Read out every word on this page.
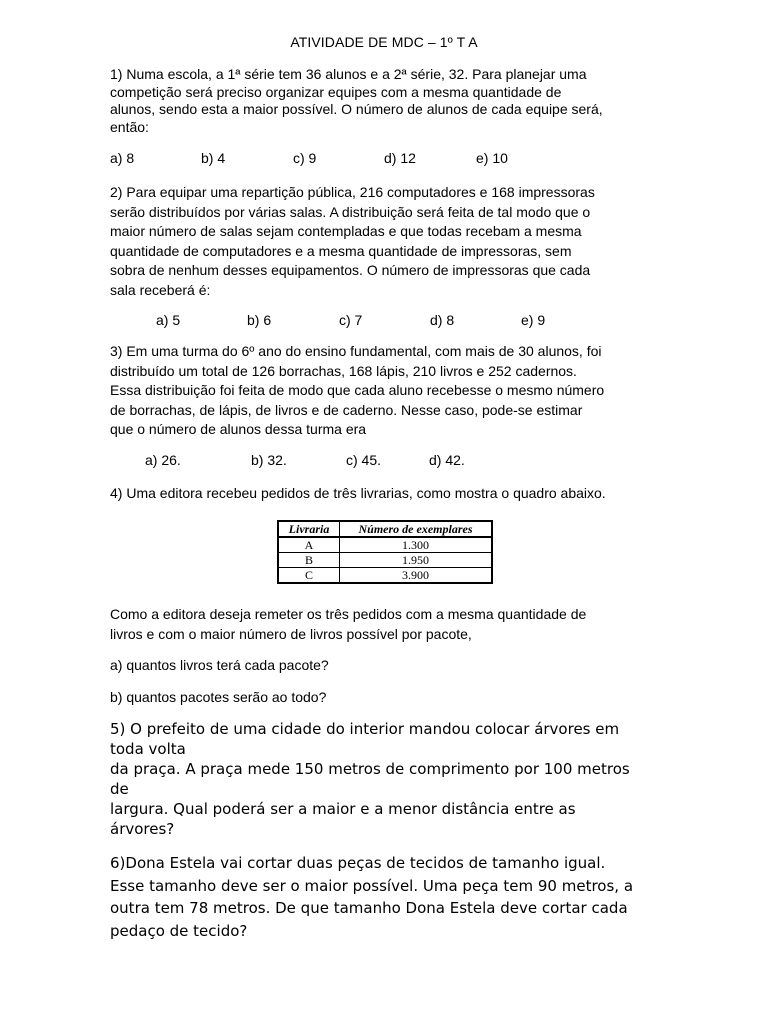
ATIVIDADE DE MDC – 1º T A
1) Numa escola, a 1ª série tem 36 alunos e a 2ª série, 32. Para planejar uma
competição será preciso organizar equipes com a mesma quantidade de
alunos, sendo esta a maior possível. O número de alunos de cada equipe será,
então:
a) 8	b) 4	c) 9	d) 12	e) 10
2) Para equipar uma repartição pública, 216 computadores e 168 impressoras
serão distribuídos por várias salas. A distribuição será feita de tal modo que o
maior número de salas sejam contempladas e que todas recebam a mesma
quantidade de computadores e a mesma quantidade de impressoras, sem
sobra de nenhum desses equipamentos. O número de impressoras que cada
sala receberá é:
a) 5	b) 6	c) 7	d) 8	e) 9
3) Em uma turma do 6º ano do ensino fundamental, com mais de 30 alunos, foi
distribuído um total de 126 borrachas, 168 lápis, 210 livros e 252 cadernos.
Essa distribuição foi feita de modo que cada aluno recebesse o mesmo número
de borrachas, de lápis, de livros e de caderno. Nesse caso, pode-se estimar
que o número de alunos dessa turma era
a) 26.	b) 32.	c) 45.	d) 42.
4) Uma editora recebeu pedidos de três livrarias, como mostra o quadro abaixo.
Livraria	Número de exemplares
A	1.300
B	1.950
C	3.900
Como a editora deseja remeter os três pedidos com a mesma quantidade de
livros e com o maior número de livros possível por pacote,
a) quantos livros terá cada pacote?
b) quantos pacotes serão ao todo?
5) O prefeito de uma cidade do interior mandou colocar árvores em
toda volta
da praça. A praça mede 150 metros de comprimento por 100 metros
de
largura. Qual poderá ser a maior e a menor distância entre as
árvores?
6)Dona Estela vai cortar duas peças de tecidos de tamanho igual.
Esse tamanho deve ser o maior possível. Uma peça tem 90 metros, a
outra tem 78 metros. De que tamanho Dona Estela deve cortar cada
pedaço de tecido?
